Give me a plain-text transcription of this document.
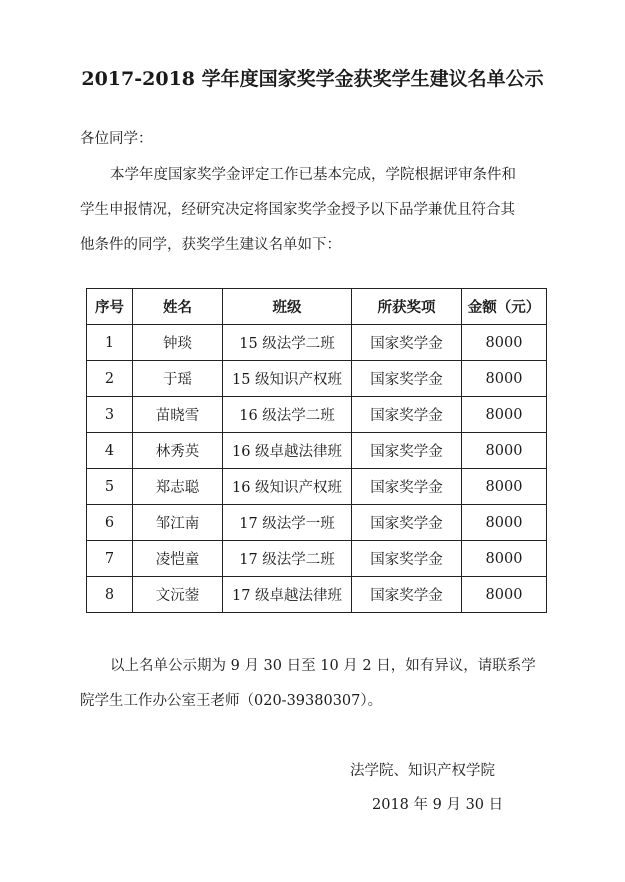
2017-2018 学年度国家奖学金获奖学生建议名单公示
各位同学：
本学年度国家奖学金评定工作已基本完成，学院根据评审条件和
学生申报情况，经研究决定将国家奖学金授予以下品学兼优且符合其
他条件的同学，获奖学生建议名单如下：
序号	姓名	班级	所获奖项	金额（元）
1	钟琰	15 级法学二班	国家奖学金	8000
2	于瑶	15 级知识产权班	国家奖学金	8000
3	苗晓雪	16 级法学二班	国家奖学金	8000
4	林秀英	16 级卓越法律班	国家奖学金	8000
5	郑志聪	16 级知识产权班	国家奖学金	8000
6	邹江南	17 级法学一班	国家奖学金	8000
7	凌恺童	17 级法学二班	国家奖学金	8000
8	文沅蓥	17 级卓越法律班	国家奖学金	8000
以上名单公示期为 9 月 30 日至 10 月 2 日，如有异议，请联系学
院学生工作办公室王老师（020-39380307）。
法学院、知识产权学院
2018 年 9 月 30 日
